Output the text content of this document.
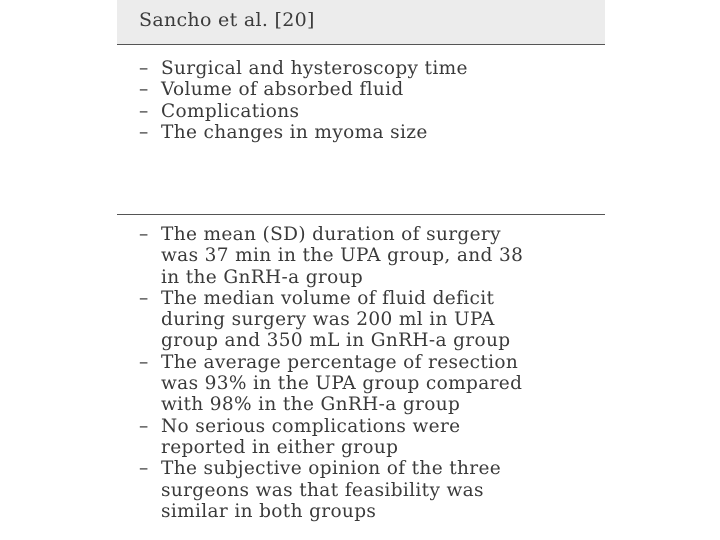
Sancho et al. [20]
– Surgical and hysteroscopy time
– Volume of absorbed fluid
– Complications
– The changes in myoma size
– The mean (SD) duration of surgery
was 37 min in the UPA group, and 38
in the GnRH-a group
– The median volume of fluid deficit
during surgery was 200 ml in UPA
group and 350 mL in GnRH-a group
– The average percentage of resection
was 93% in the UPA group compared
with 98% in the GnRH-a group
– No serious complications were
reported in either group
– The subjective opinion of the three
surgeons was that feasibility was
similar in both groups
